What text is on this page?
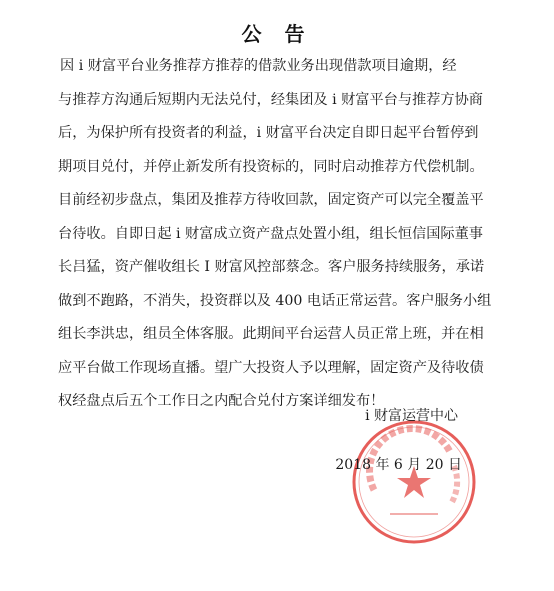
公 告
因 i 财富平台业务推荐方推荐的借款业务出现借款项目逾期，经
与推荐方沟通后短期内无法兑付，经集团及 i 财富平台与推荐方协商
后，为保护所有投资者的利益，i 财富平台决定自即日起平台暂停到
期项目兑付，并停止新发所有投资标的，同时启动推荐方代偿机制。
目前经初步盘点，集团及推荐方待收回款，固定资产可以完全覆盖平
台待收。自即日起 i 财富成立资产盘点处置小组，组长恒信国际董事
长吕猛，资产催收组长 I 财富风控部蔡念。客户服务持续服务，承诺
做到不跑路，不消失，投资群以及 400 电话正常运营。客户服务小组
组长李洪忠，组员全体客服。此期间平台运营人员正常上班，并在相
应平台做工作现场直播。望广大投资人予以理解，固定资产及待收债
权经盘点后五个工作日之内配合兑付方案详细发布！
i 财富运营中心
2018 年 6 月 20 日
